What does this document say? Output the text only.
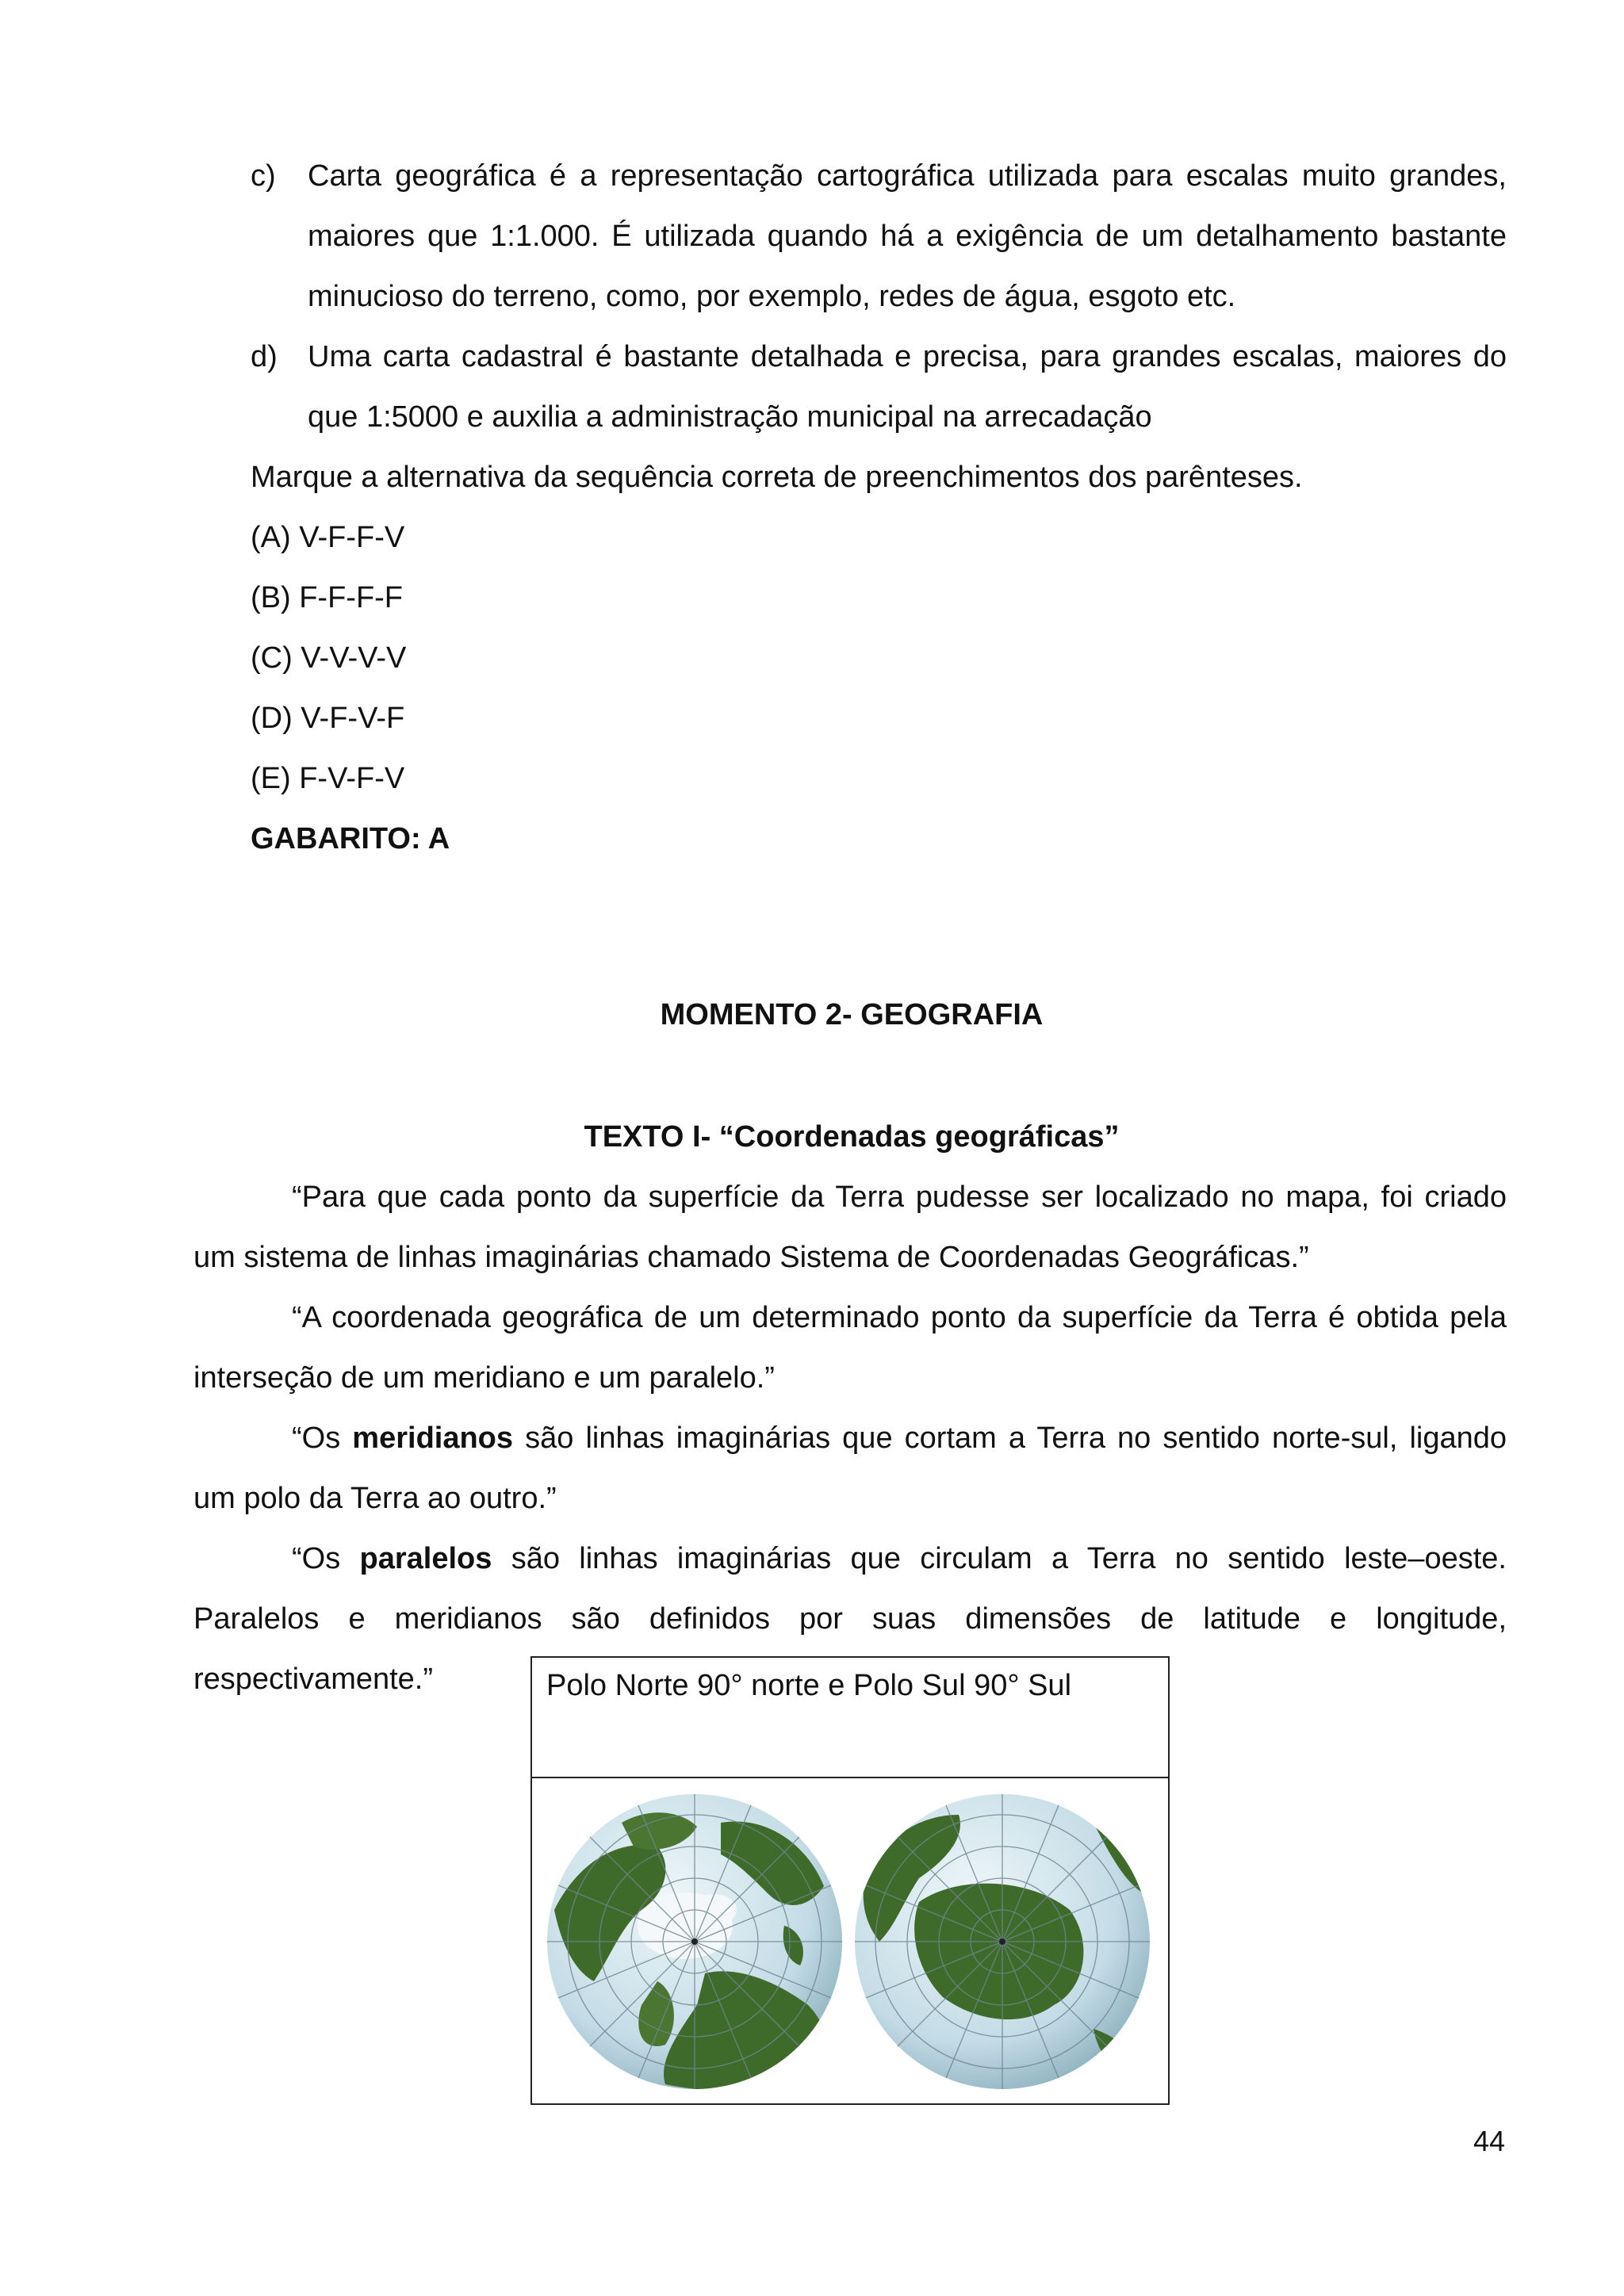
c) Carta geográfica é a representação cartográfica utilizada para escalas muito grandes, maiores que 1:1.000. É utilizada quando há a exigência de um detalhamento bastante minucioso do terreno, como, por exemplo, redes de água, esgoto etc.
d) Uma carta cadastral é bastante detalhada e precisa, para grandes escalas, maiores do que 1:5000 e auxilia a administração municipal na arrecadação
Marque a alternativa da sequência correta de preenchimentos dos parênteses.
(A) V-F-F-V
(B) F-F-F-F
(C) V-V-V-V
(D) V-F-V-F
(E) F-V-F-V
GABARITO: A
MOMENTO 2- GEOGRAFIA
TEXTO I- “Coordenadas geográficas”
“Para que cada ponto da superfície da Terra pudesse ser localizado no mapa, foi criado um sistema de linhas imaginárias chamado Sistema de Coordenadas Geográficas.”
“A coordenada geográfica de um determinado ponto da superfície da Terra é obtida pela interseção de um meridiano e um paralelo.”
“Os meridianos são linhas imaginárias que cortam a Terra no sentido norte-sul, ligando um polo da Terra ao outro.”
“Os paralelos são linhas imaginárias que circulam a Terra no sentido leste–oeste. Paralelos e meridianos são definidos por suas dimensões de latitude e longitude, respectivamente.”	Polo Norte 90° norte e Polo Sul 90° Sul
44
